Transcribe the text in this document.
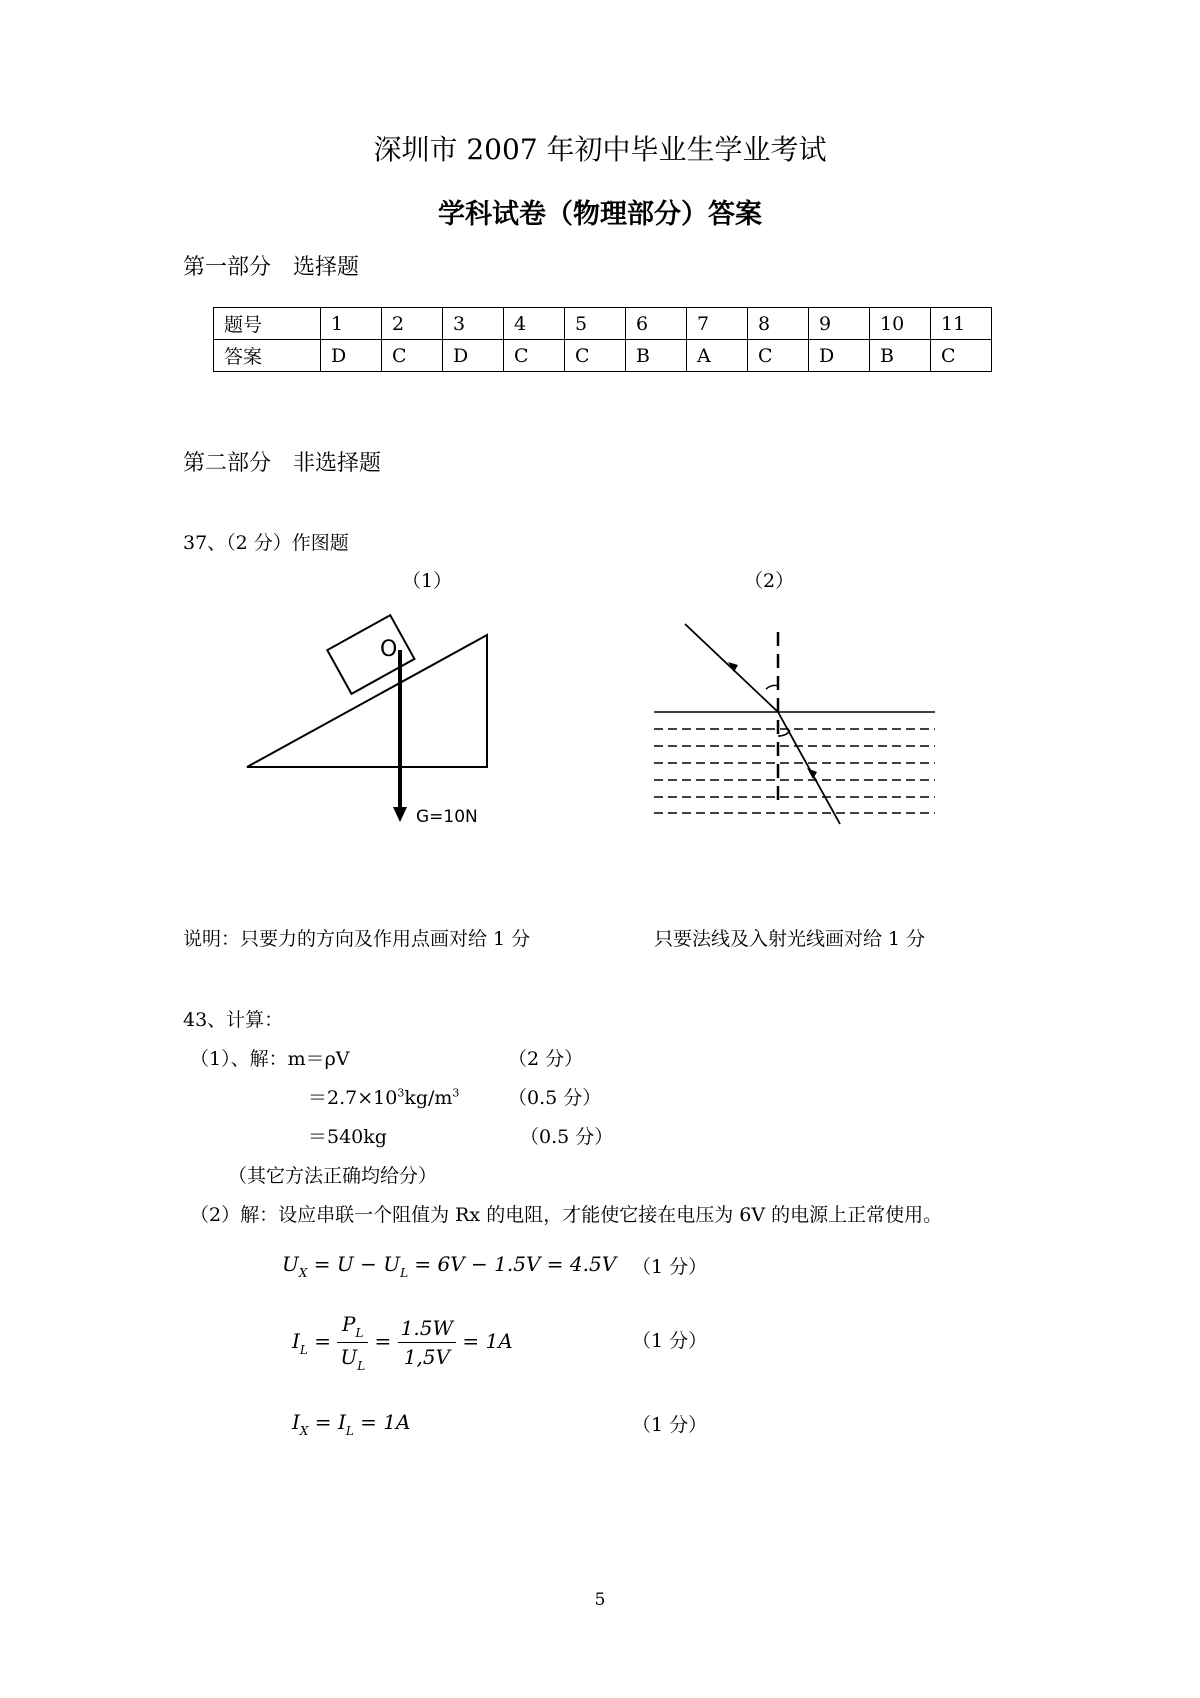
深圳市 2007 年初中毕业生学业考试
学科试卷（物理部分）答案
第一部分　选择题
题号	1	2	3	4	5	6	7	8	9	10	11
答案	D	C	D	C	C	B	A	C	D	B	C
第二部分　非选择题
37、（2 分）作图题
（1）	（2）
O
G=10N
说明：只要力的方向及作用点画对给 1 分	只要法线及入射光线画对给 1 分
43、计算：
（1）、解：m＝ρV	（2 分）
$=2.7\times 10^3kg/m^3$	（0.5 分）
＝540kg	（0.5 分）
（其它方法正确均给分）
（2）解：设应串联一个阻值为 Rx 的电阻，才能使它接在电压为 6V 的电源上正常使用。
$U_X = U - U_L = 6V - 1.5V = 4.5V$ （1 分）
$I_L = \frac{P_L}{U_L} = \frac{1.5W}{1,5V} = 1A$	（1 分）
$I_X = I_L = 1A$	（1 分）
5
